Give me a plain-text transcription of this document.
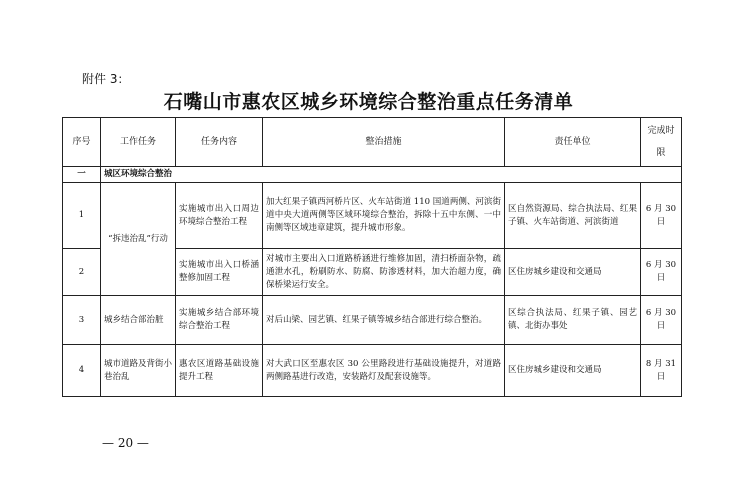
附件 3：
石嘴山市惠农区城乡环境综合整治重点任务清单
序号	工作任务	任务内容	整治措施	责任单位	完成时限
一	城区环境综合整治				
1	“拆违治乱”行动	实施城市出入口周边环境综合整治工程	加大红果子镇西河桥片区、火车站街道 110 国道两侧、河滨街道中央大道两侧等区域环境综合整治，拆除十五中东侧、一中南侧等区域违章建筑，提升城市形象。	区自然资源局、综合执法局、红果子镇、火车站街道、河滨街道	6 月 30 日
2		实施城市出入口桥涵整修加固工程	对城市主要出入口道路桥涵进行维修加固，清扫桥面杂物，疏通泄水孔，粉刷防水、防腐、防渗透材料，加大治超力度，确保桥梁运行安全。	区住房城乡建设和交通局	6 月 30 日
3	城乡结合部治脏	实施城乡结合部环境综合整治工程	对后山梁、园艺镇、红果子镇等城乡结合部进行综合整治。	区综合执法局、红果子镇、园艺镇、北街办事处	6 月 30 日
4	城市道路及背街小巷治乱	惠农区道路基础设施提升工程	对大武口区至惠农区 30 公里路段进行基础设施提升，对道路两侧路基进行改造，安装路灯及配套设施等。	区住房城乡建设和交通局	8 月 31 日
— 20 —
